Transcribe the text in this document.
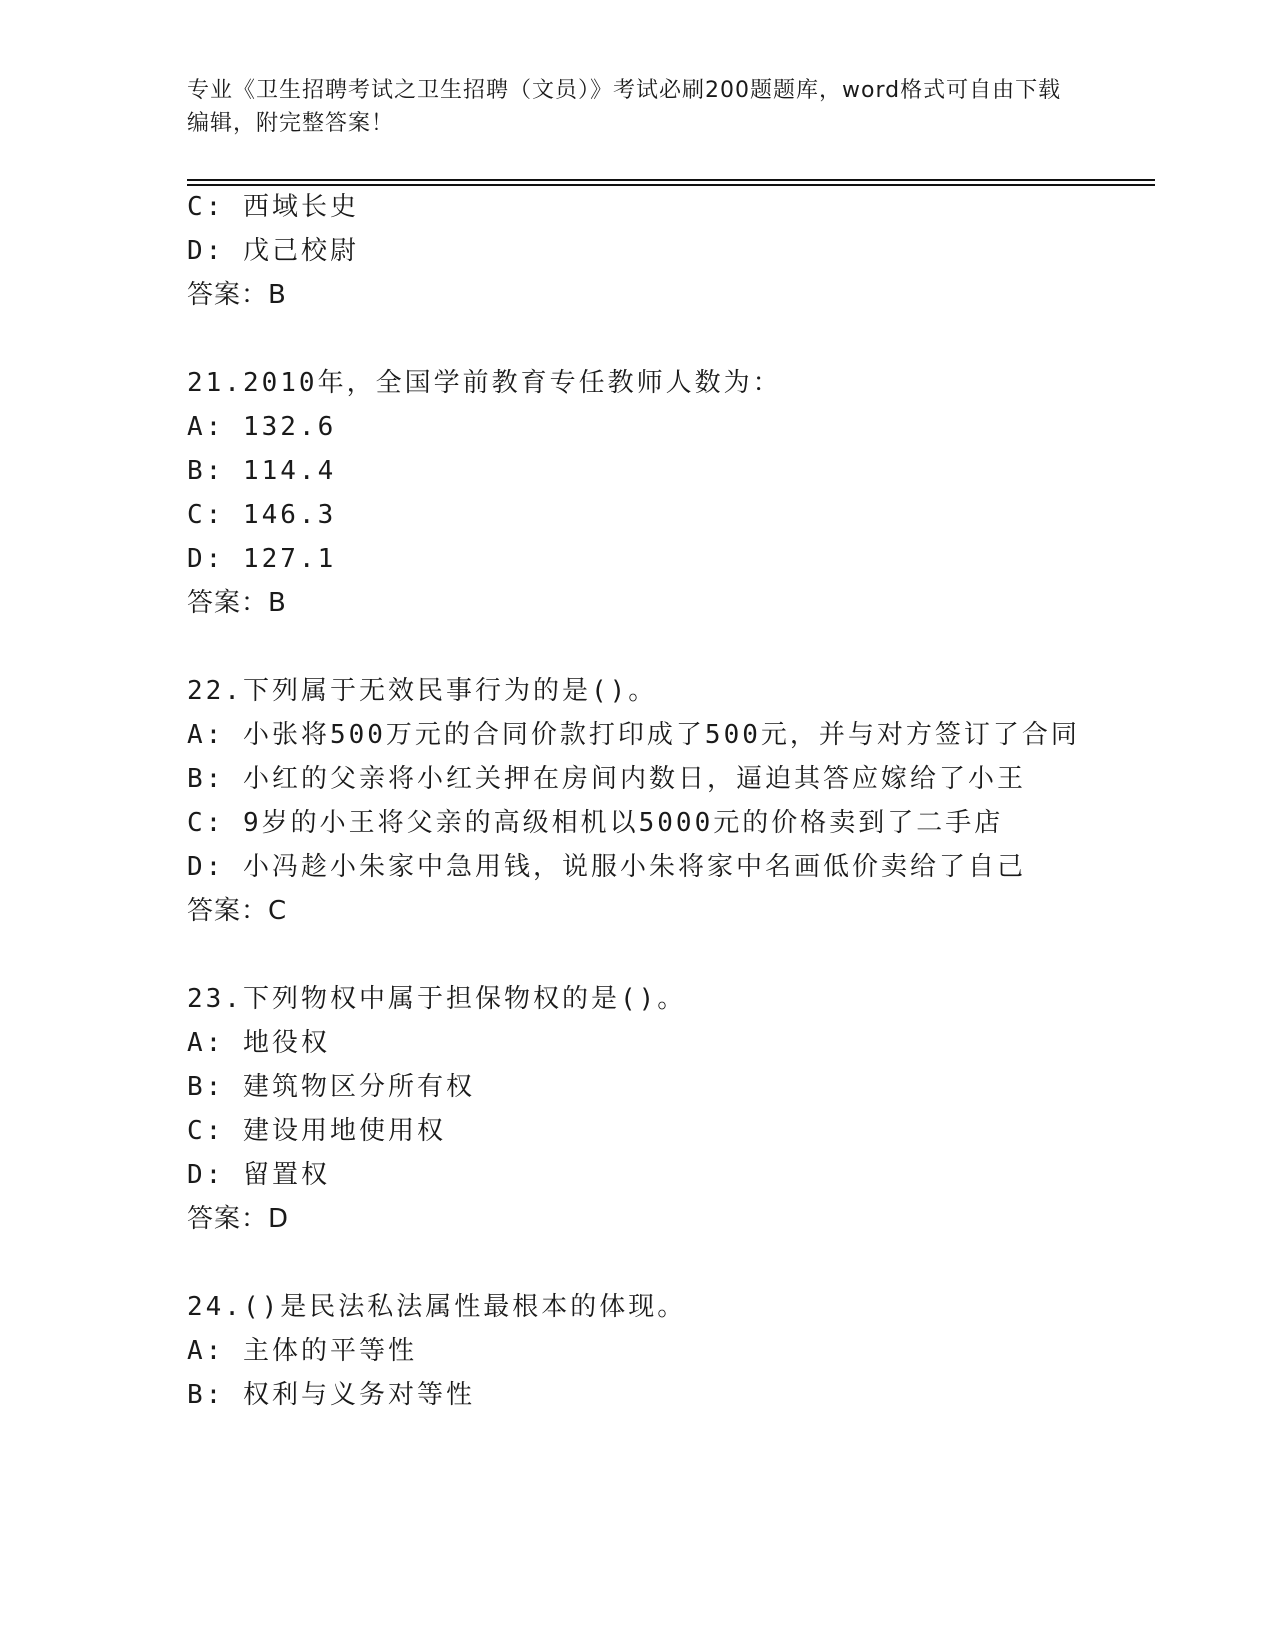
专业《卫生招聘考试之卫生招聘（文员）》考试必刷200题题库，word格式可自由下载编辑，附完整答案！
C: 西域长史
D: 戊己校尉
答案：B
21.2010年，全国学前教育专任教师人数为：
A: 132.6
B: 114.4
C: 146.3
D: 127.1
答案：B
22.下列属于无效民事行为的是()。
A: 小张将500万元的合同价款打印成了500元，并与对方签订了合同
B: 小红的父亲将小红关押在房间内数日，逼迫其答应嫁给了小王
C: 9岁的小王将父亲的高级相机以5000元的价格卖到了二手店
D: 小冯趁小朱家中急用钱，说服小朱将家中名画低价卖给了自己
答案：C
23.下列物权中属于担保物权的是()。
A: 地役权
B: 建筑物区分所有权
C: 建设用地使用权
D: 留置权
答案：D
24.()是民法私法属性最根本的体现。
A: 主体的平等性
B: 权利与义务对等性
